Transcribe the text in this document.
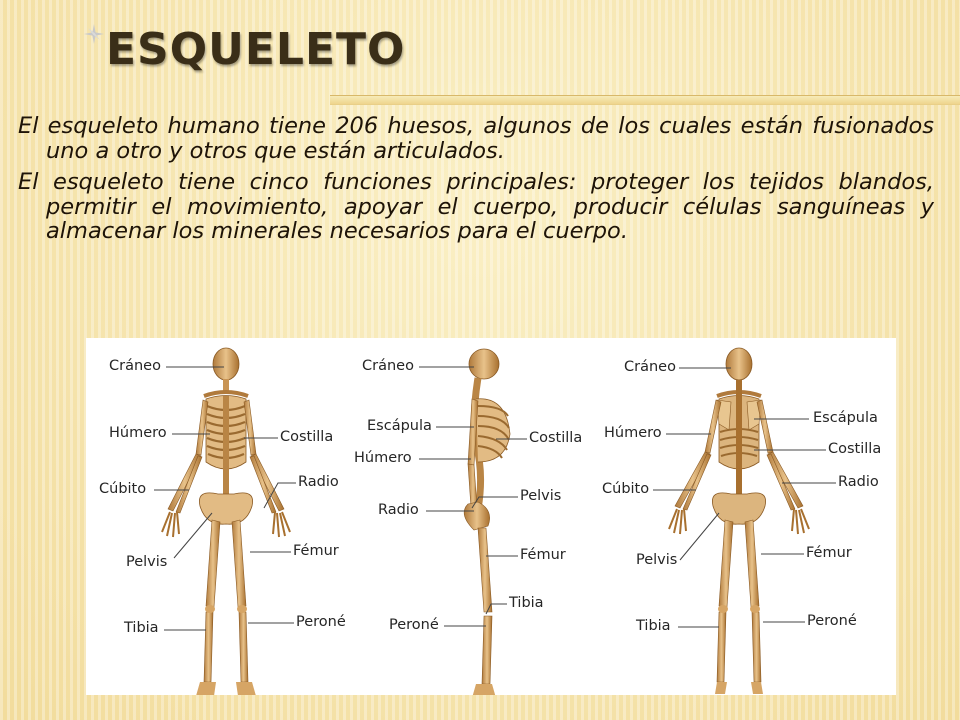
ESQUELETO

El esqueleto humano tiene 206 huesos, algunos de los cuales están fusionados uno a otro y otros que están articulados.

El esqueleto tiene cinco funciones principales: proteger los tejidos blandos, permitir el movimiento, apoyar el cuerpo, producir células sanguíneas y almacenar los minerales necesarios para el cuerpo.

Cráneo
Húmero	Costilla
Cúbito	Radio
Pelvis
Fémur
Tibia	Peroné
Cráneo
Escápula
Costilla
Húmero
Pelvis
Radio
Fémur
Tibia
Peroné
Cráneo
Escápula
Húmero
Costilla
Cúbito	Radio
Pelvis	Fémur
Tibia	Peroné
